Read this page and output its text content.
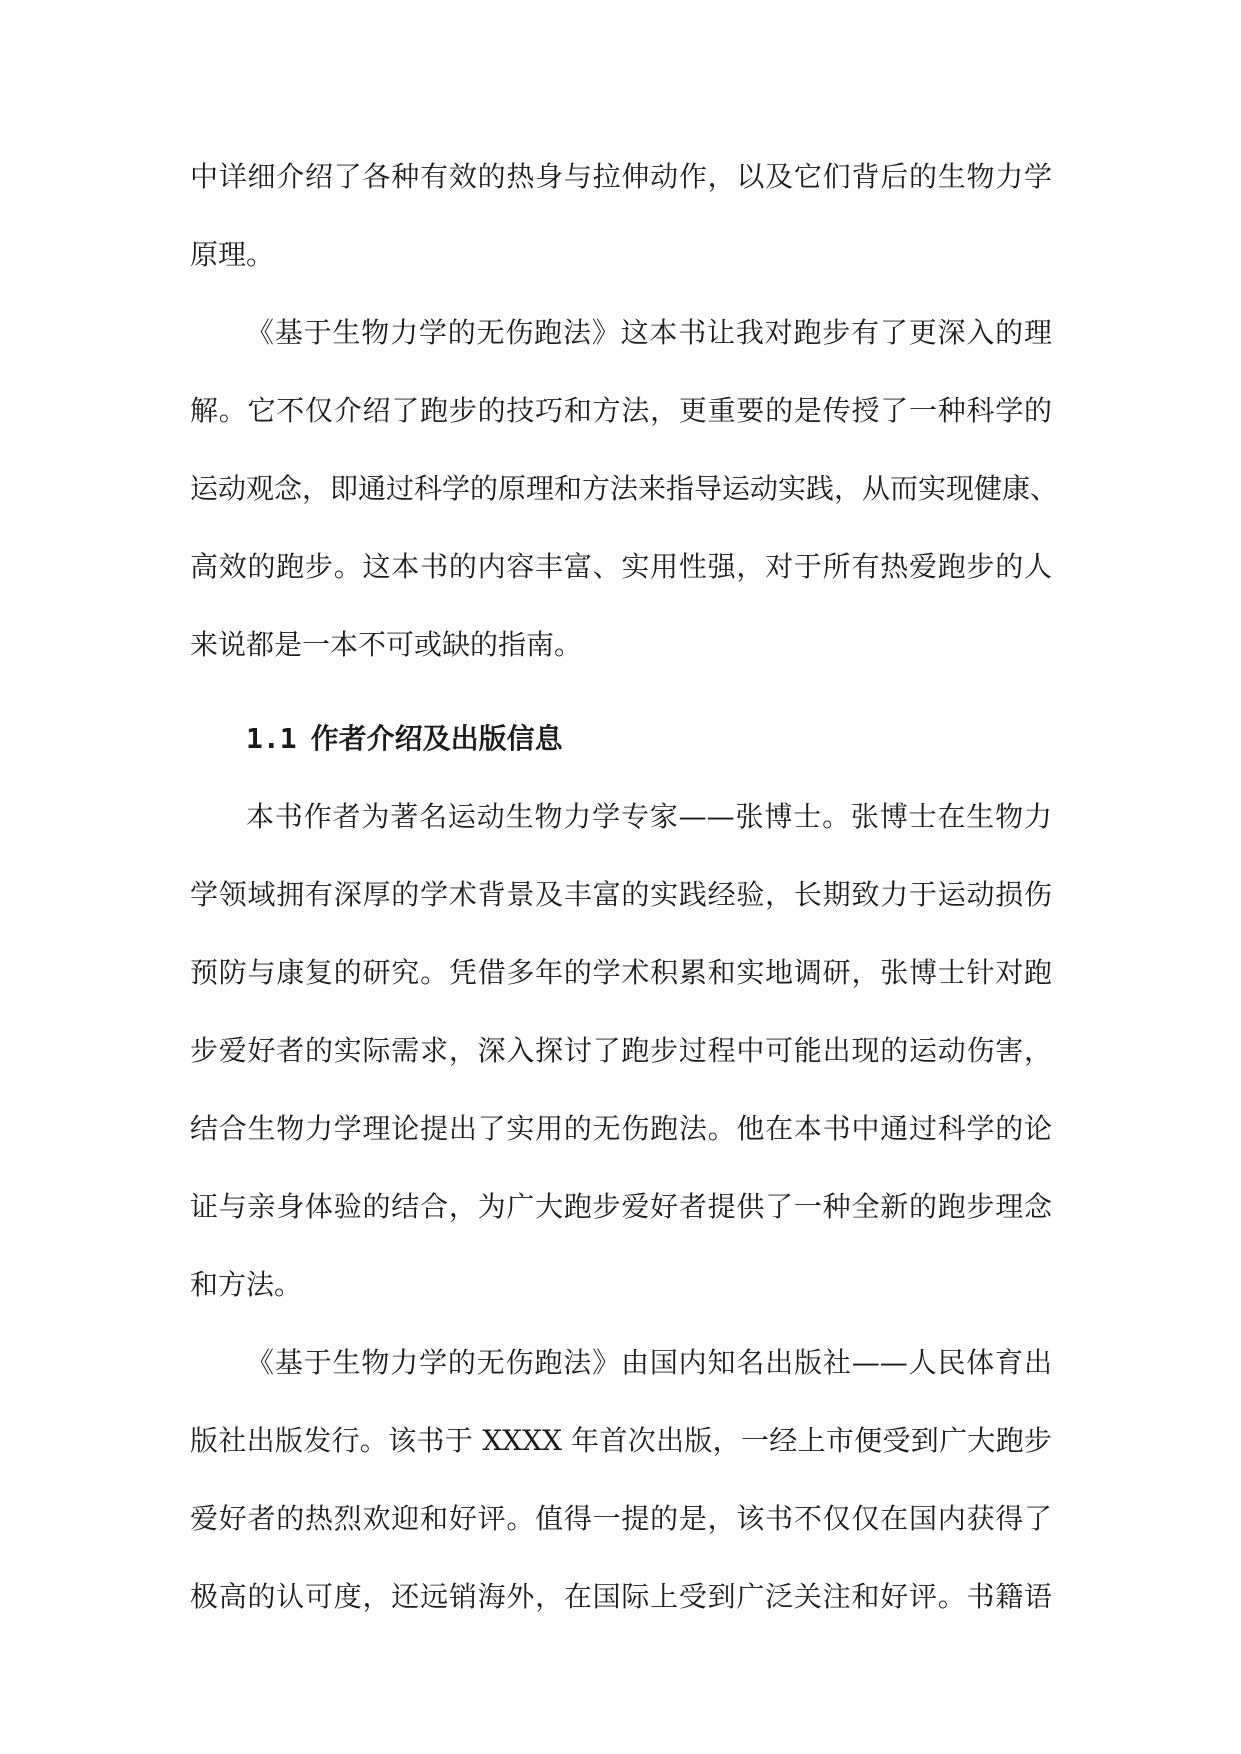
中详细介绍了各种有效的热身与拉伸动作，以及它们背后的生物力学
原理。
《基于生物力学的无伤跑法》这本书让我对跑步有了更深入的理
解。它不仅介绍了跑步的技巧和方法，更重要的是传授了一种科学的
运动观念，即通过科学的原理和方法来指导运动实践，从而实现健康、
高效的跑步。这本书的内容丰富、实用性强，对于所有热爱跑步的人
来说都是一本不可或缺的指南。
1.1 作者介绍及出版信息
本书作者为著名运动生物力学专家——张博士。张博士在生物力
学领域拥有深厚的学术背景及丰富的实践经验，长期致力于运动损伤
预防与康复的研究。凭借多年的学术积累和实地调研，张博士针对跑
步爱好者的实际需求，深入探讨了跑步过程中可能出现的运动伤害，
结合生物力学理论提出了实用的无伤跑法。他在本书中通过科学的论
证与亲身体验的结合，为广大跑步爱好者提供了一种全新的跑步理念
和方法。
《基于生物力学的无伤跑法》由国内知名出版社——人民体育出
版社出版发行。该书于 XXXX 年首次出版，一经上市便受到广大跑步
爱好者的热烈欢迎和好评。值得一提的是，该书不仅仅在国内获得了
极高的认可度，还远销海外，在国际上受到广泛关注和好评。书籍语
